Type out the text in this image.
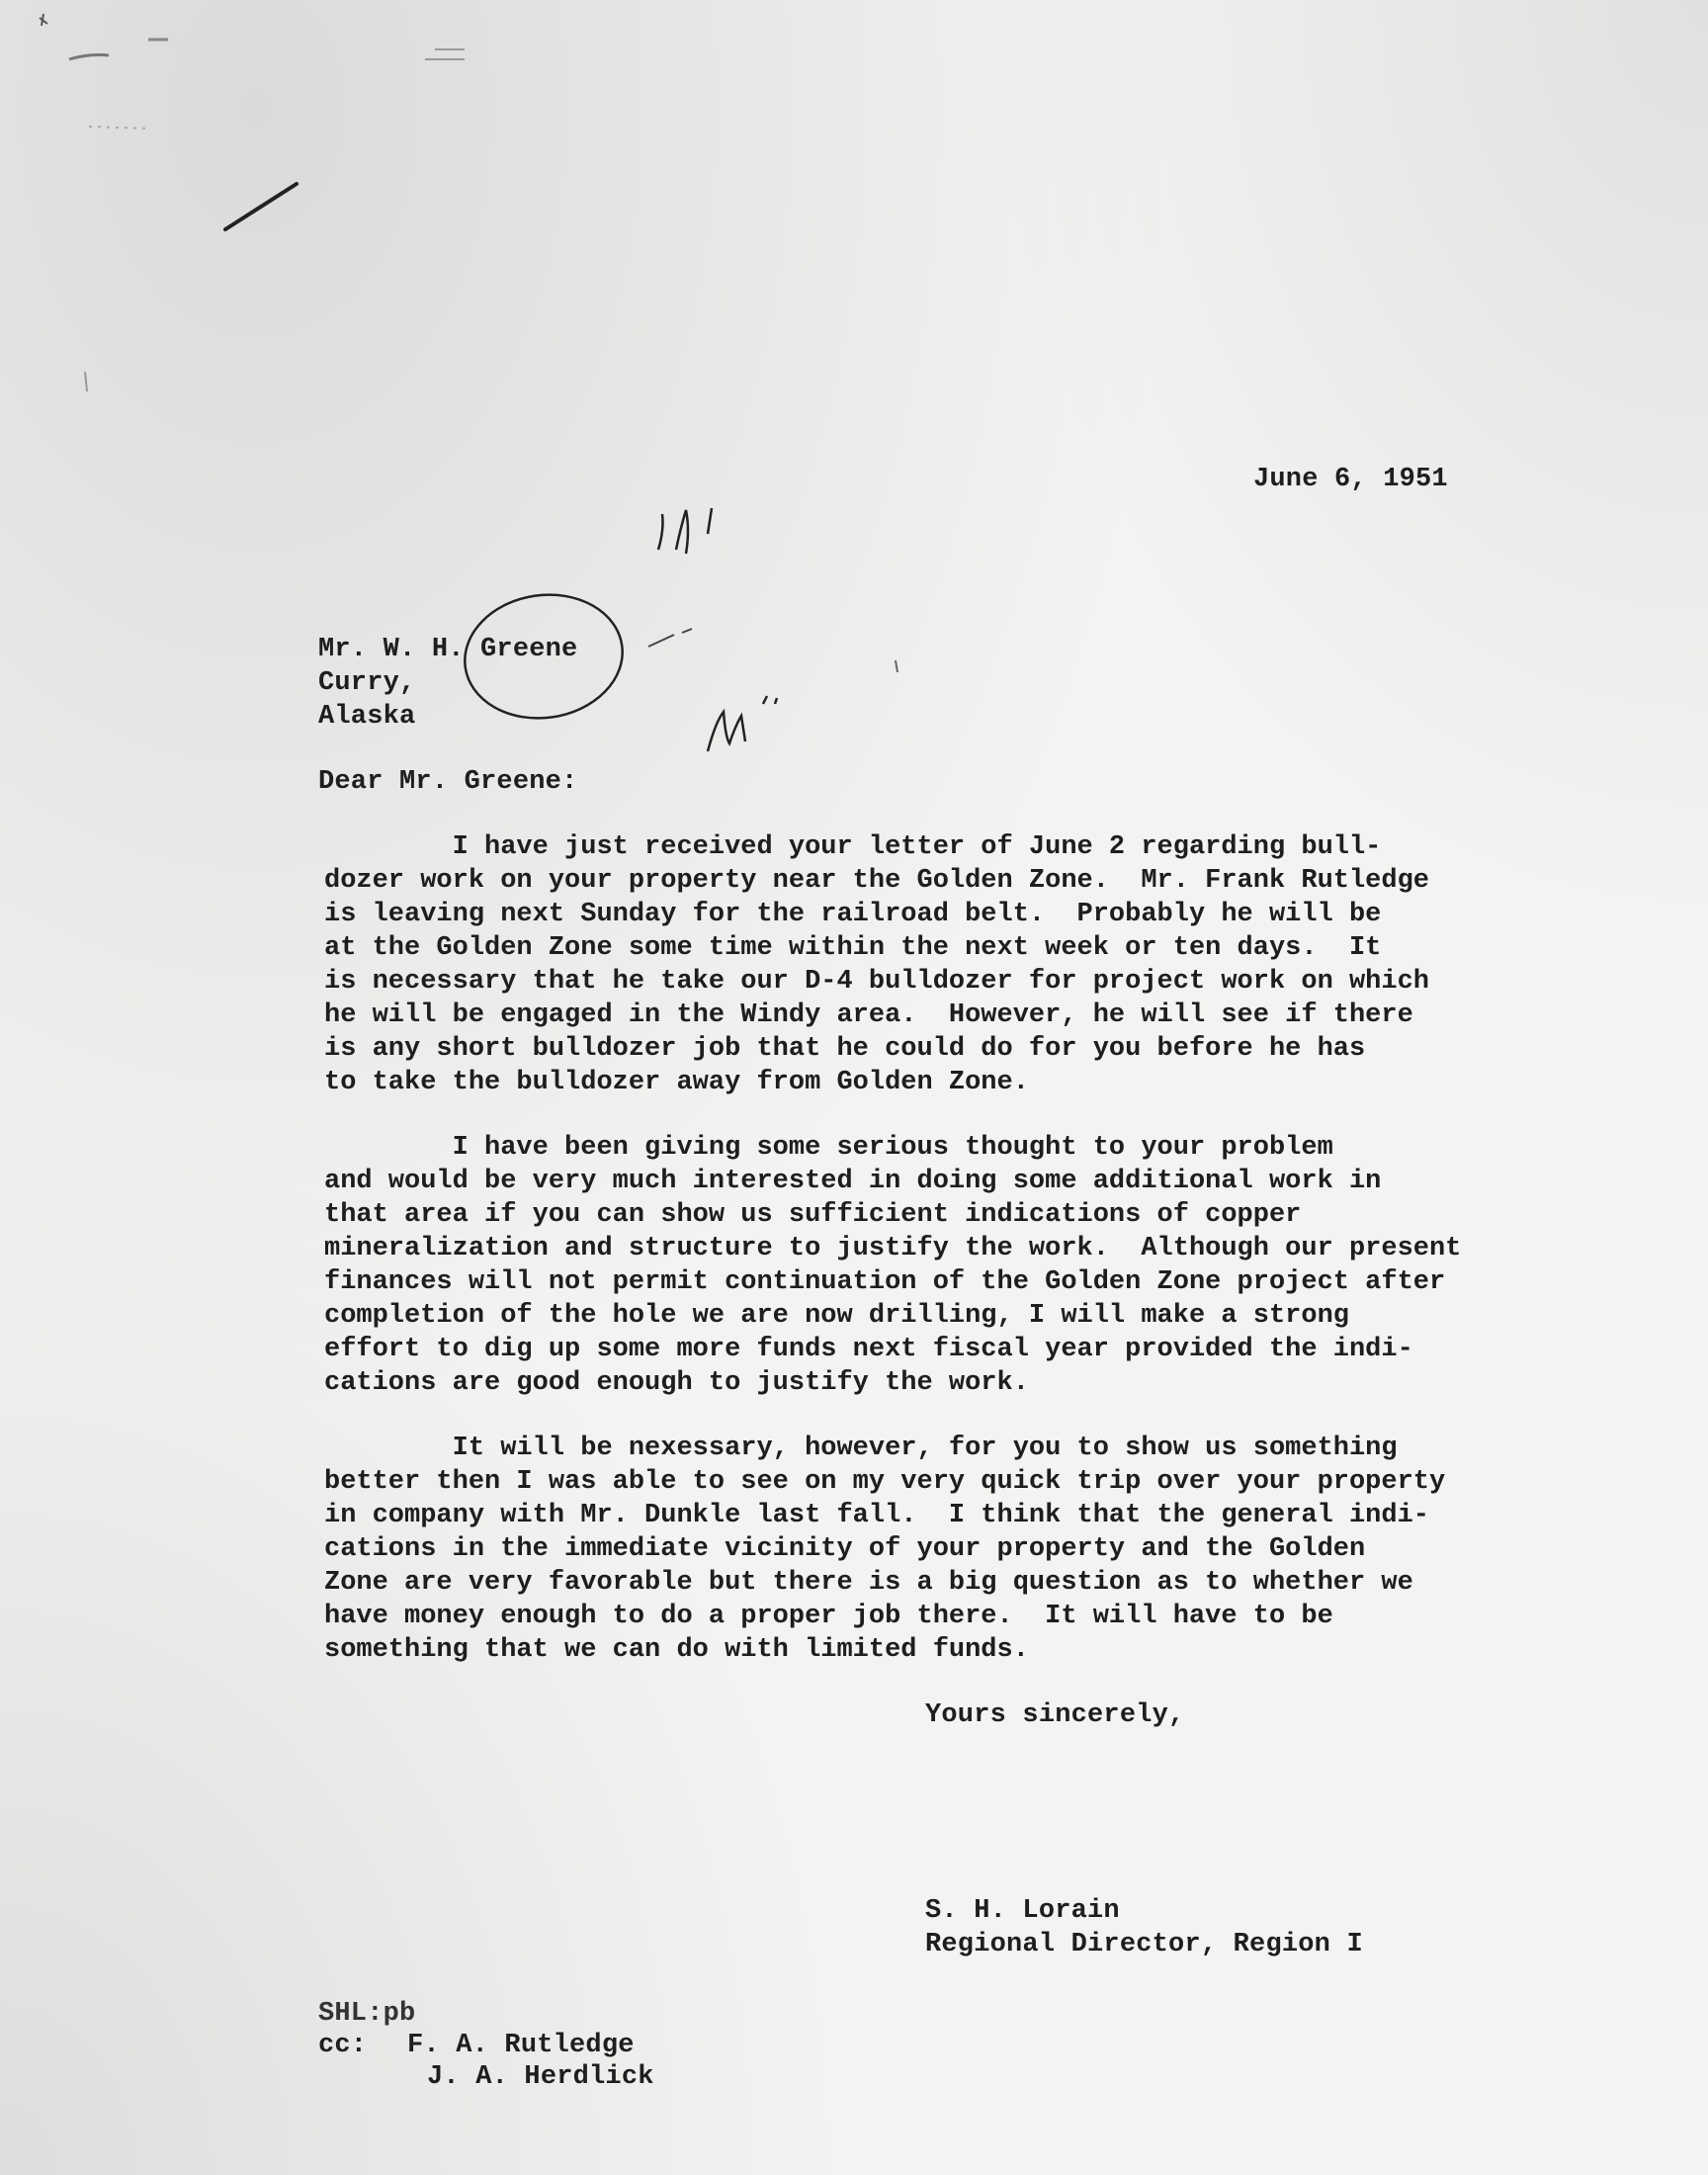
June 6, 1951
Mr. W. H. Greene
Curry,
Alaska
Dear Mr. Greene:
I have just received your letter of June 2 regarding bull-
dozer work on your property near the Golden Zone.  Mr. Frank Rutledge
is leaving next Sunday for the railroad belt.  Probably he will be
at the Golden Zone some time within the next week or ten days.  It
is necessary that he take our D-4 bulldozer for project work on which
he will be engaged in the Windy area.  However, he will see if there
is any short bulldozer job that he could do for you before he has
to take the bulldozer away from Golden Zone.
I have been giving some serious thought to your problem
and would be very much interested in doing some additional work in
that area if you can show us sufficient indications of copper
mineralization and structure to justify the work.  Although our present
finances will not permit continuation of the Golden Zone project after
completion of the hole we are now drilling, I will make a strong
effort to dig up some more funds next fiscal year provided the indi-
cations are good enough to justify the work.
It will be nexessary, however, for you to show us something
better then I was able to see on my very quick trip over your property
in company with Mr. Dunkle last fall.  I think that the general indi-
cations in the immediate vicinity of your property and the Golden
Zone are very favorable but there is a big question as to whether we
have money enough to do a proper job there.  It will have to be
something that we can do with limited funds.
Yours sincerely,
S. H. Lorain
Regional Director, Region I
SHL:pb
cc: F. A. Rutledge
J. A. Herdlick
